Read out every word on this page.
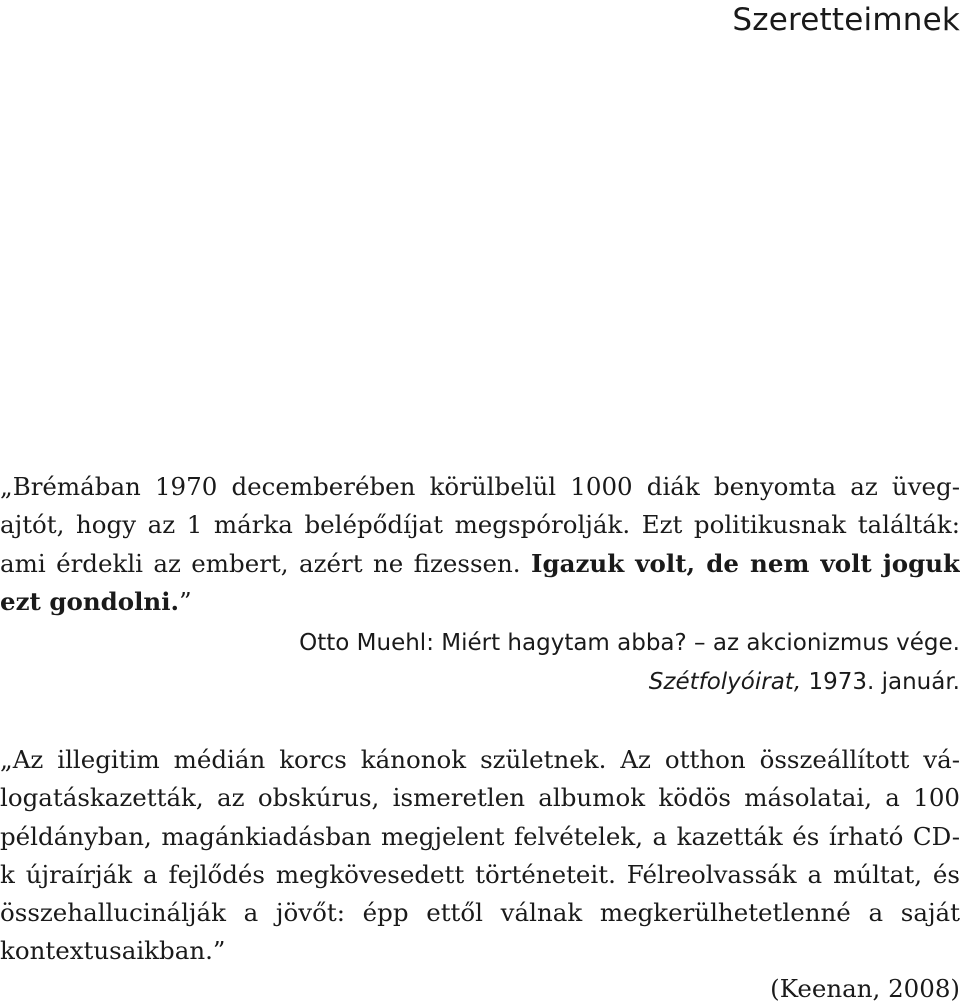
Szeretteimnek

„Brémában 1970 decemberében körülbelül 1000 diák benyomta az üvegajtót, hogy az 1 márka belépődíjat megspórolják. Ezt politikusnak találták: ami érdekli az embert, azért ne fizessen. Igazuk volt, de nem volt joguk ezt gondolni.”

Otto Muehl: Miért hagytam abba? – az akcionizmus vége.

Szétfolyóirat, 1973. január.

„Az illegitim médián korcs kánonok születnek. Az otthon összeállított válogatáskazetták, az obskúrus, ismeretlen albumok ködös másolatai, a 100 példányban, magánkiadásban megjelent felvételek, a kazetták és írható CD-k újraírják a fejlődés megkövesedett történeteit. Félreolvassák a múltat, és összehallucinálják a jövőt: épp ettől válnak megkerülhetetlenné a saját kontextusaikban.”

(Keenan, 2008)
